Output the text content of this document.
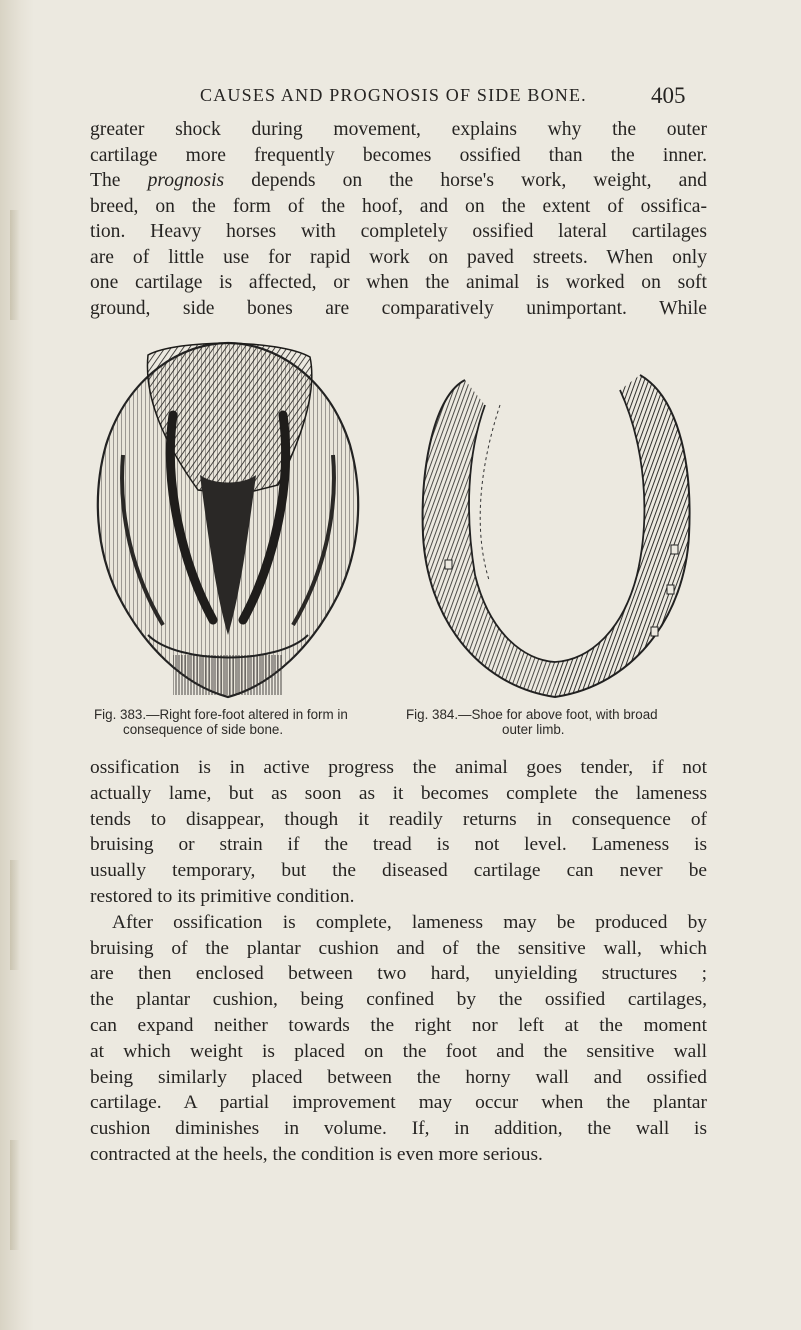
CAUSES AND PROGNOSIS OF SIDE BONE.	405
greater shock during movement, explains why the outer
cartilage more frequently becomes ossified than the inner.
The prognosis depends on the horse's work, weight, and
breed, on the form of the hoof, and on the extent of ossifica-
tion. Heavy horses with completely ossified lateral cartilages
are of little use for rapid work on paved streets. When only
one cartilage is affected, or when the animal is worked on soft
ground, side bones are comparatively unimportant. While
Fig. 383.—Right fore-foot altered in form in consequence of side bone.
Fig. 384.—Shoe for above foot, with broad outer limb.
ossification is in active progress the animal goes tender, if not
actually lame, but as soon as it becomes complete the lameness
tends to disappear, though it readily returns in consequence of
bruising or strain if the tread is not level. Lameness is
usually temporary, but the diseased cartilage can never be
restored to its primitive condition.
After ossification is complete, lameness may be produced by
bruising of the plantar cushion and of the sensitive wall, which
are then enclosed between two hard, unyielding structures ;
the plantar cushion, being confined by the ossified cartilages,
can expand neither towards the right nor left at the moment
at which weight is placed on the foot and the sensitive wall
being similarly placed between the horny wall and ossified
cartilage. A partial improvement may occur when the plantar
cushion diminishes in volume. If, in addition, the wall is
contracted at the heels, the condition is even more serious.
